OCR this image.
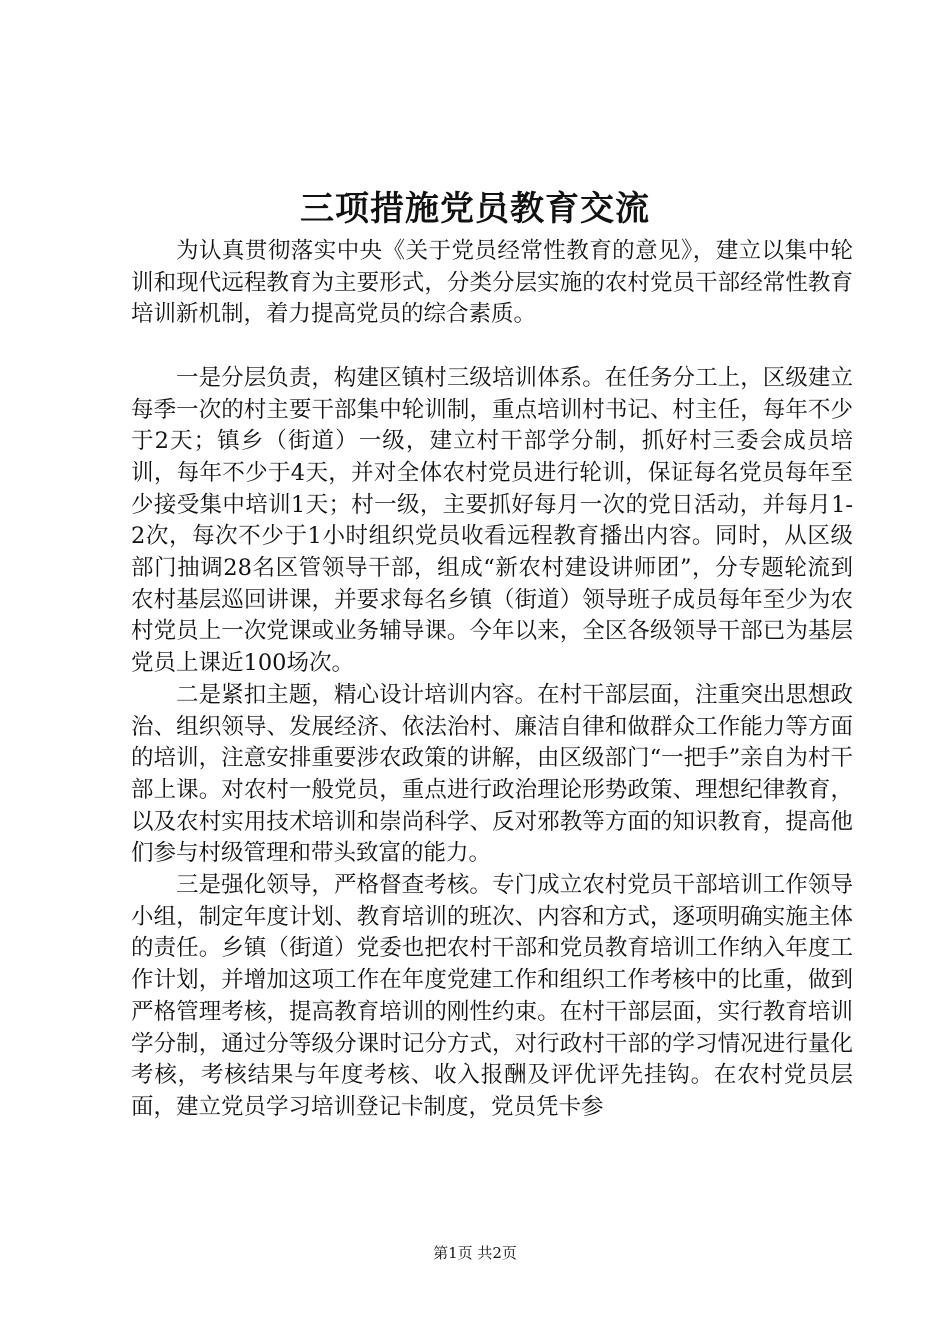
三项措施党员教育交流

为认真贯彻落实中央《关于党员经常性教育的意见》，建立以集中轮训和现代远程教育为主要形式，分类分层实施的农村党员干部经常性教育培训新机制，着力提高党员的综合素质。

一是分层负责，构建区镇村三级培训体系。在任务分工上，区级建立每季一次的村主要干部集中轮训制，重点培训村书记、村主任，每年不少于2天；镇乡（街道）一级，建立村干部学分制，抓好村三委会成员培训，每年不少于4天，并对全体农村党员进行轮训，保证每名党员每年至少接受集中培训1天；村一级，主要抓好每月一次的党日活动，并每月1-2次，每次不少于1小时组织党员收看远程教育播出内容。同时，从区级部门抽调28名区管领导干部，组成“新农村建设讲师团”，分专题轮流到农村基层巡回讲课，并要求每名乡镇（街道）领导班子成员每年至少为农村党员上一次党课或业务辅导课。今年以来，全区各级领导干部已为基层党员上课近100场次。

二是紧扣主题，精心设计培训内容。在村干部层面，注重突出思想政治、组织领导、发展经济、依法治村、廉洁自律和做群众工作能力等方面的培训，注意安排重要涉农政策的讲解，由区级部门“一把手”亲自为村干部上课。对农村一般党员，重点进行政治理论形势政策、理想纪律教育，以及农村实用技术培训和崇尚科学、反对邪教等方面的知识教育，提高他们参与村级管理和带头致富的能力。

三是强化领导，严格督查考核。专门成立农村党员干部培训工作领导小组，制定年度计划、教育培训的班次、内容和方式，逐项明确实施主体的责任。乡镇（街道）党委也把农村干部和党员教育培训工作纳入年度工作计划，并增加这项工作在年度党建工作和组织工作考核中的比重，做到严格管理考核，提高教育培训的刚性约束。在村干部层面，实行教育培训学分制，通过分等级分课时记分方式，对行政村干部的学习情况进行量化考核，考核结果与年度考核、收入报酬及评优评先挂钩。在农村党员层面，建立党员学习培训登记卡制度，党员凭卡参

第1页 共2页
